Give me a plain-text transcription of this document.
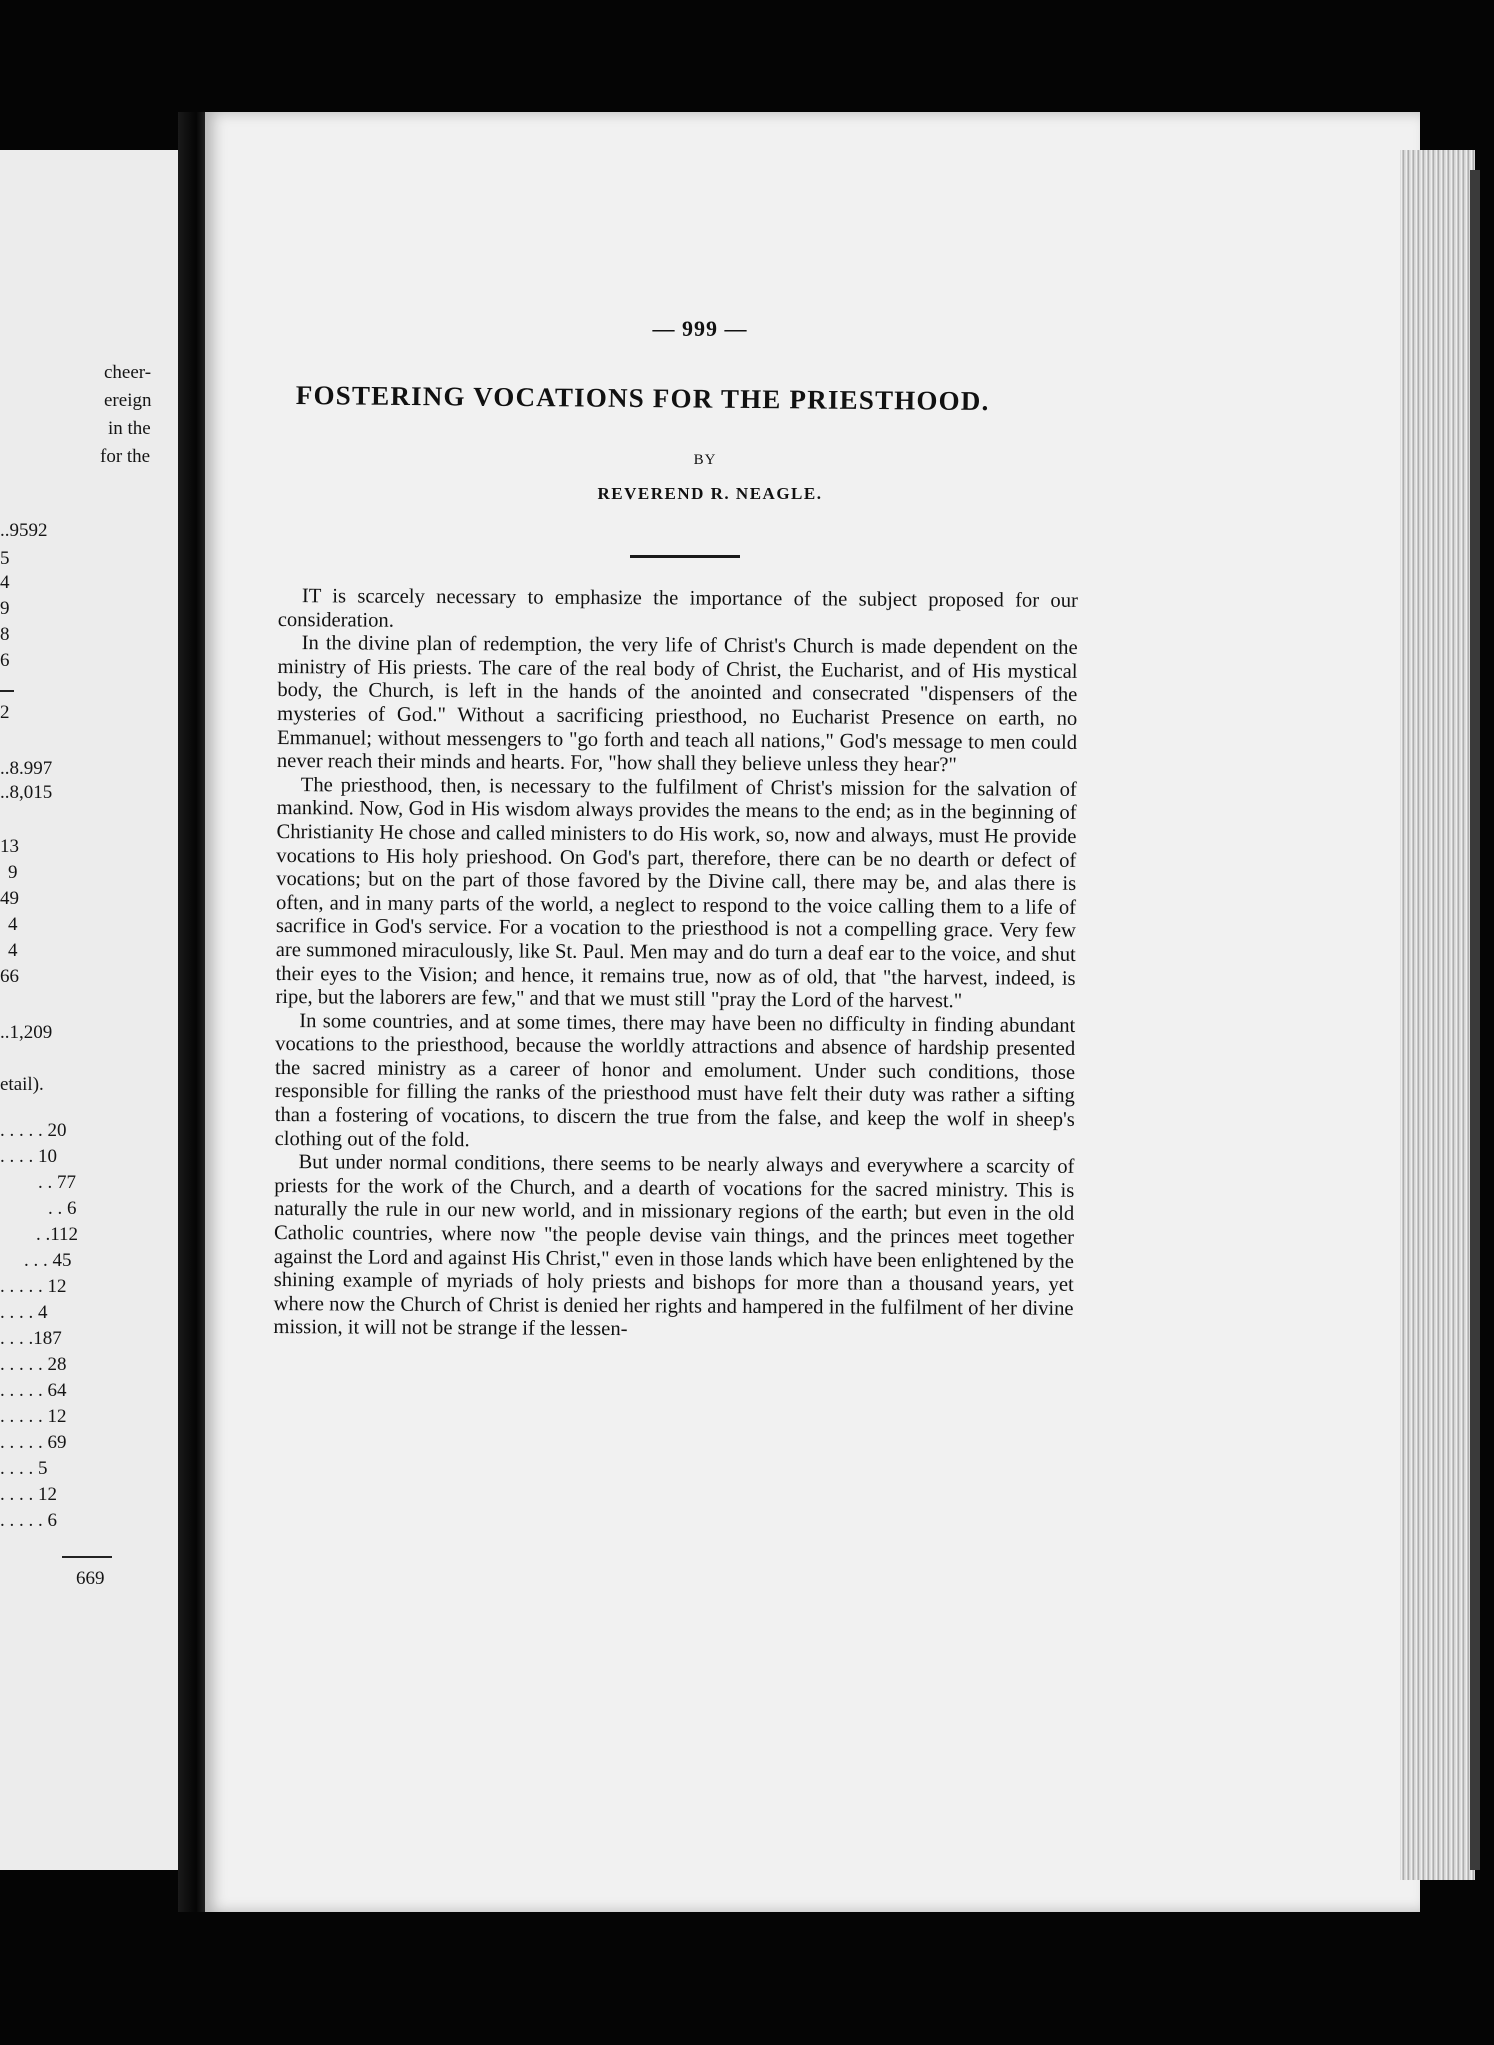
cheer-
ereign
in the
for the
..9592
5
4
9
8
6
2
..8.997
..8,015
13
9
49
4
4
66
..1,209
etail).
. . . . . 20
. . . . 10
. . 77
. . 6
. .112
. . . 45
. . . . . 12
. . . . 4
. . . .187
. . . . . 28
. . . . . 64
. . . . . 12
. . . . . 69
. . . . 5
. . . . 12
. . . . . 6
669
— 999 —
FOSTERING VOCATIONS FOR THE PRIESTHOOD.
BY
REVEREND R. NEAGLE.

IT is scarcely necessary to emphasize the importance of the subject proposed for our consideration.

In the divine plan of redemption, the very life of Christ's Church is made dependent on the ministry of His priests. The care of the real body of Christ, the Eucharist, and of His mystical body, the Church, is left in the hands of the anointed and consecrated "dispensers of the mysteries of God." Without a sacrificing priesthood, no Eucharist Presence on earth, no Emmanuel; without messengers to "go forth and teach all nations," God's message to men could never reach their minds and hearts. For, "how shall they believe unless they hear?"

The priesthood, then, is necessary to the fulfilment of Christ's mission for the salvation of mankind. Now, God in His wisdom always provides the means to the end; as in the beginning of Christianity He chose and called ministers to do His work, so, now and always, must He provide vocations to His holy prieshood. On God's part, therefore, there can be no dearth or defect of vocations; but on the part of those favored by the Divine call, there may be, and alas there is often, and in many parts of the world, a neglect to respond to the voice calling them to a life of sacrifice in God's service. For a vocation to the priesthood is not a compelling grace. Very few are summoned miraculously, like St. Paul. Men may and do turn a deaf ear to the voice, and shut their eyes to the Vision; and hence, it remains true, now as of old, that "the harvest, indeed, is ripe, but the laborers are few," and that we must still "pray the Lord of the harvest."

In some countries, and at some times, there may have been no difficulty in finding abundant vocations to the priesthood, because the worldly attractions and absence of hardship presented the sacred ministry as a career of honor and emolument. Under such conditions, those responsible for filling the ranks of the priesthood must have felt their duty was rather a sifting than a fostering of vocations, to discern the true from the false, and keep the wolf in sheep's clothing out of the fold.

But under normal conditions, there seems to be nearly always and everywhere a scarcity of priests for the work of the Church, and a dearth of vocations for the sacred ministry. This is naturally the rule in our new world, and in missionary regions of the earth; but even in the old Catholic countries, where now "the people devise vain things, and the princes meet together against the Lord and against His Christ," even in those lands which have been enlightened by the shining example of myriads of holy priests and bishops for more than a thousand years, yet where now the Church of Christ is denied her rights and hampered in the fulfilment of her divine mission, it will not be strange if the lessen-
